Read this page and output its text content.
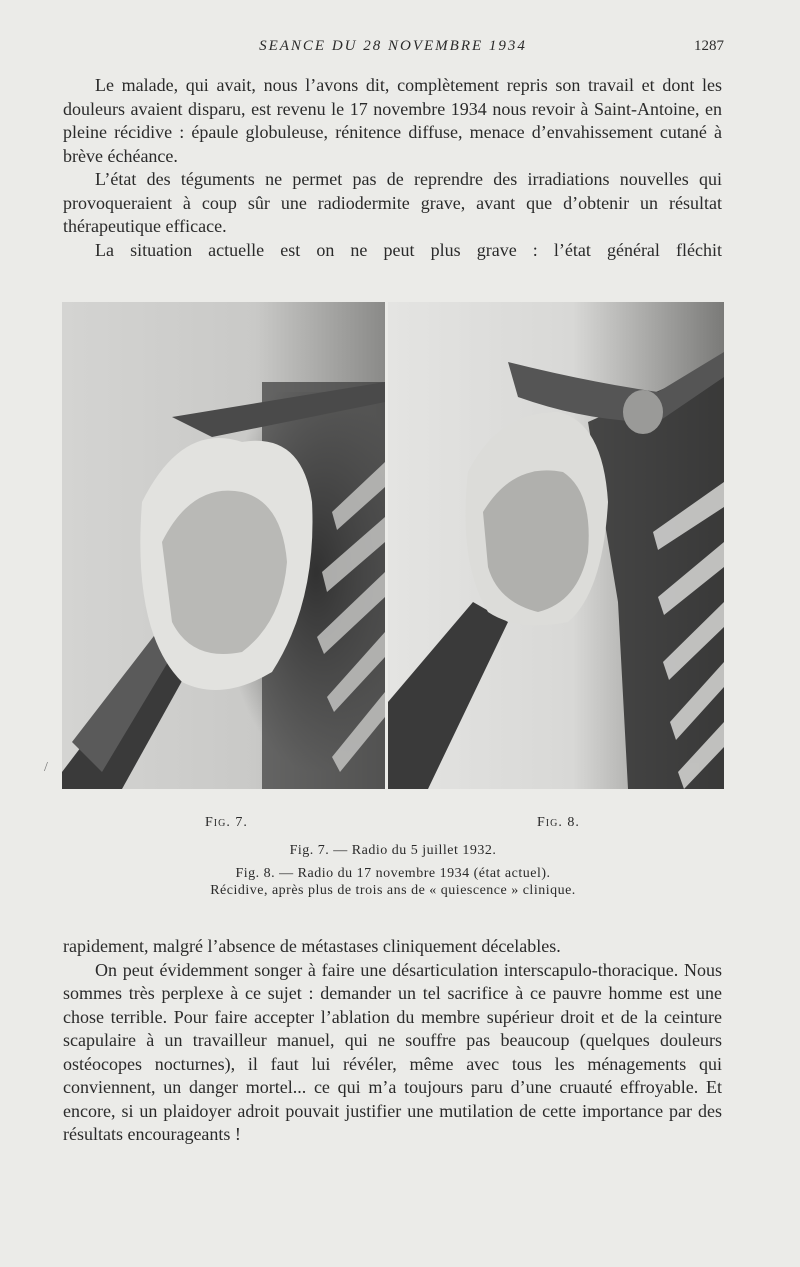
SEANCE DU 28 NOVEMBRE 1934	1287

Le malade, qui avait, nous l’avons dit, complètement repris son travail et dont les douleurs avaient disparu, est revenu le 17 novembre 1934 nous revoir à Saint-Antoine, en pleine récidive : épaule globuleuse, rénitence diffuse, menace d’envahissement cutané à brève échéance.

L’état des téguments ne permet pas de reprendre des irradiations nouvelles qui provoqueraient à coup sûr une radiodermite grave, avant que d’obtenir un résultat thérapeutique efficace.

La situation actuelle est on ne peut plus grave : l’état général fléchit

/
Fig. 7.	Fig. 8.
Fig. 7. — Radio du 5 juillet 1932.
Fig. 8. — Radio du 17 novembre 1934 (état actuel).
Récidive, après plus de trois ans de « quiescence » clinique.

rapidement, malgré l’absence de métastases cliniquement décelables.

On peut évidemment songer à faire une désarticulation interscapulo-thoracique. Nous sommes très perplexe à ce sujet : demander un tel sacrifice à ce pauvre homme est une chose terrible. Pour faire accepter l’ablation du membre supérieur droit et de la ceinture scapulaire à un travailleur manuel, qui ne souffre pas beaucoup (quelques douleurs ostéocopes nocturnes), il faut lui révéler, même avec tous les ménagements qui conviennent, un danger mortel... ce qui m’a toujours paru d’une cruauté effroyable. Et encore, si un plaidoyer adroit pouvait justifier une mutilation de cette importance par des résultats encourageants !
